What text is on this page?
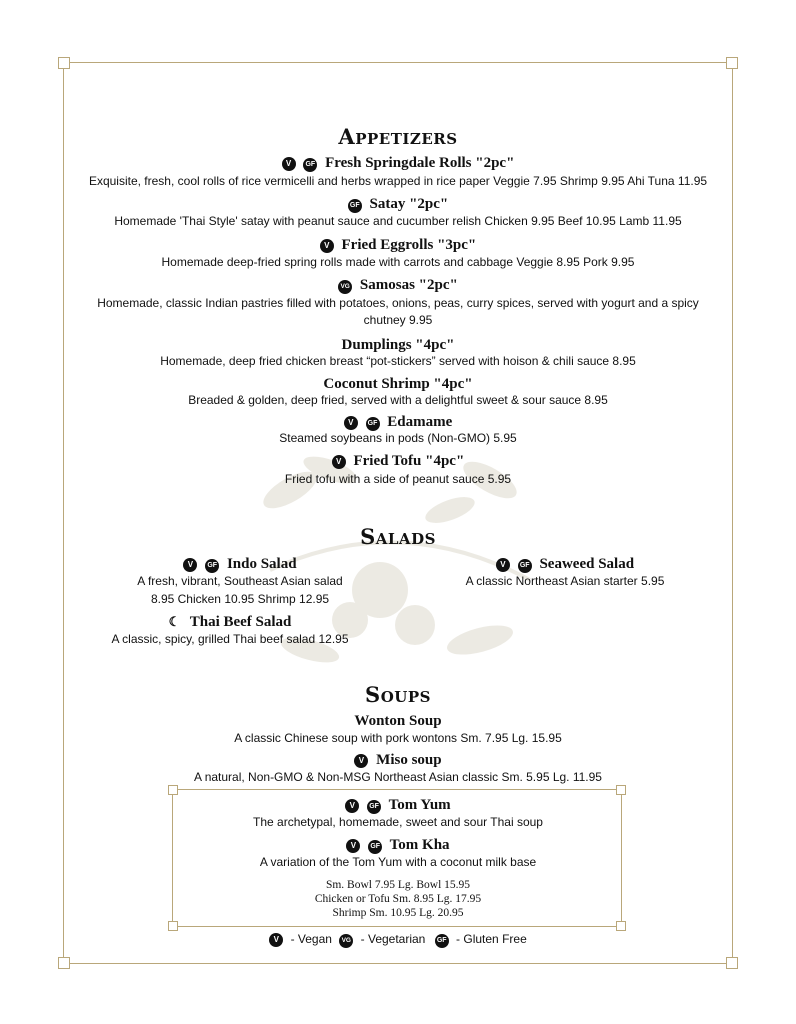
Appetizers
V GF Fresh Springdale Rolls "2pc"
Exquisite, fresh, cool rolls of rice vermicelli and herbs wrapped in rice paper Veggie 7.95 Shrimp 9.95 Ahi Tuna 11.95
GF Satay "2pc"
Homemade 'Thai Style' satay with peanut sauce and cucumber relish Chicken 9.95 Beef 10.95 Lamb 11.95
V Fried Eggrolls "3pc"
Homemade deep-fried spring rolls made with carrots and cabbage Veggie 8.95 Pork 9.95
VG Samosas "2pc"
Homemade, classic Indian pastries filled with potatoes, onions, peas, curry spices, served with yogurt and a spicy
chutney 9.95
Dumplings "4pc"
Homemade, deep fried chicken breast “pot-stickers” served with hoison & chili sauce 8.95
Coconut Shrimp "4pc"
Breaded & golden, deep fried, served with a delightful sweet & sour sauce 8.95
V GF Edamame
Steamed soybeans in pods (Non-GMO) 5.95
V Fried Tofu "4pc"
Fried tofu with a side of peanut sauce 5.95
Salads
V GF Indo Salad
A fresh, vibrant, Southeast Asian salad
8.95 Chicken 10.95 Shrimp 12.95
V GF Seaweed Salad
A classic Northeast Asian starter 5.95
☾ Thai Beef Salad
A classic, spicy, grilled Thai beef salad 12.95
Soups
Wonton Soup
A classic Chinese soup with pork wontons Sm. 7.95 Lg. 15.95
V Miso soup
A natural, Non-GMO & Non-MSG Northeast Asian classic Sm. 5.95 Lg. 11.95
V GF Tom Yum
The archetypal, homemade, sweet and sour Thai soup
V GF Tom Kha
A variation of the Tom Yum with a coconut milk base
Sm. Bowl 7.95 Lg. Bowl 15.95
Chicken or Tofu Sm. 8.95 Lg. 17.95
Shrimp Sm. 10.95 Lg. 20.95
V - Vegan VG - Vegetarian GF - Gluten Free
